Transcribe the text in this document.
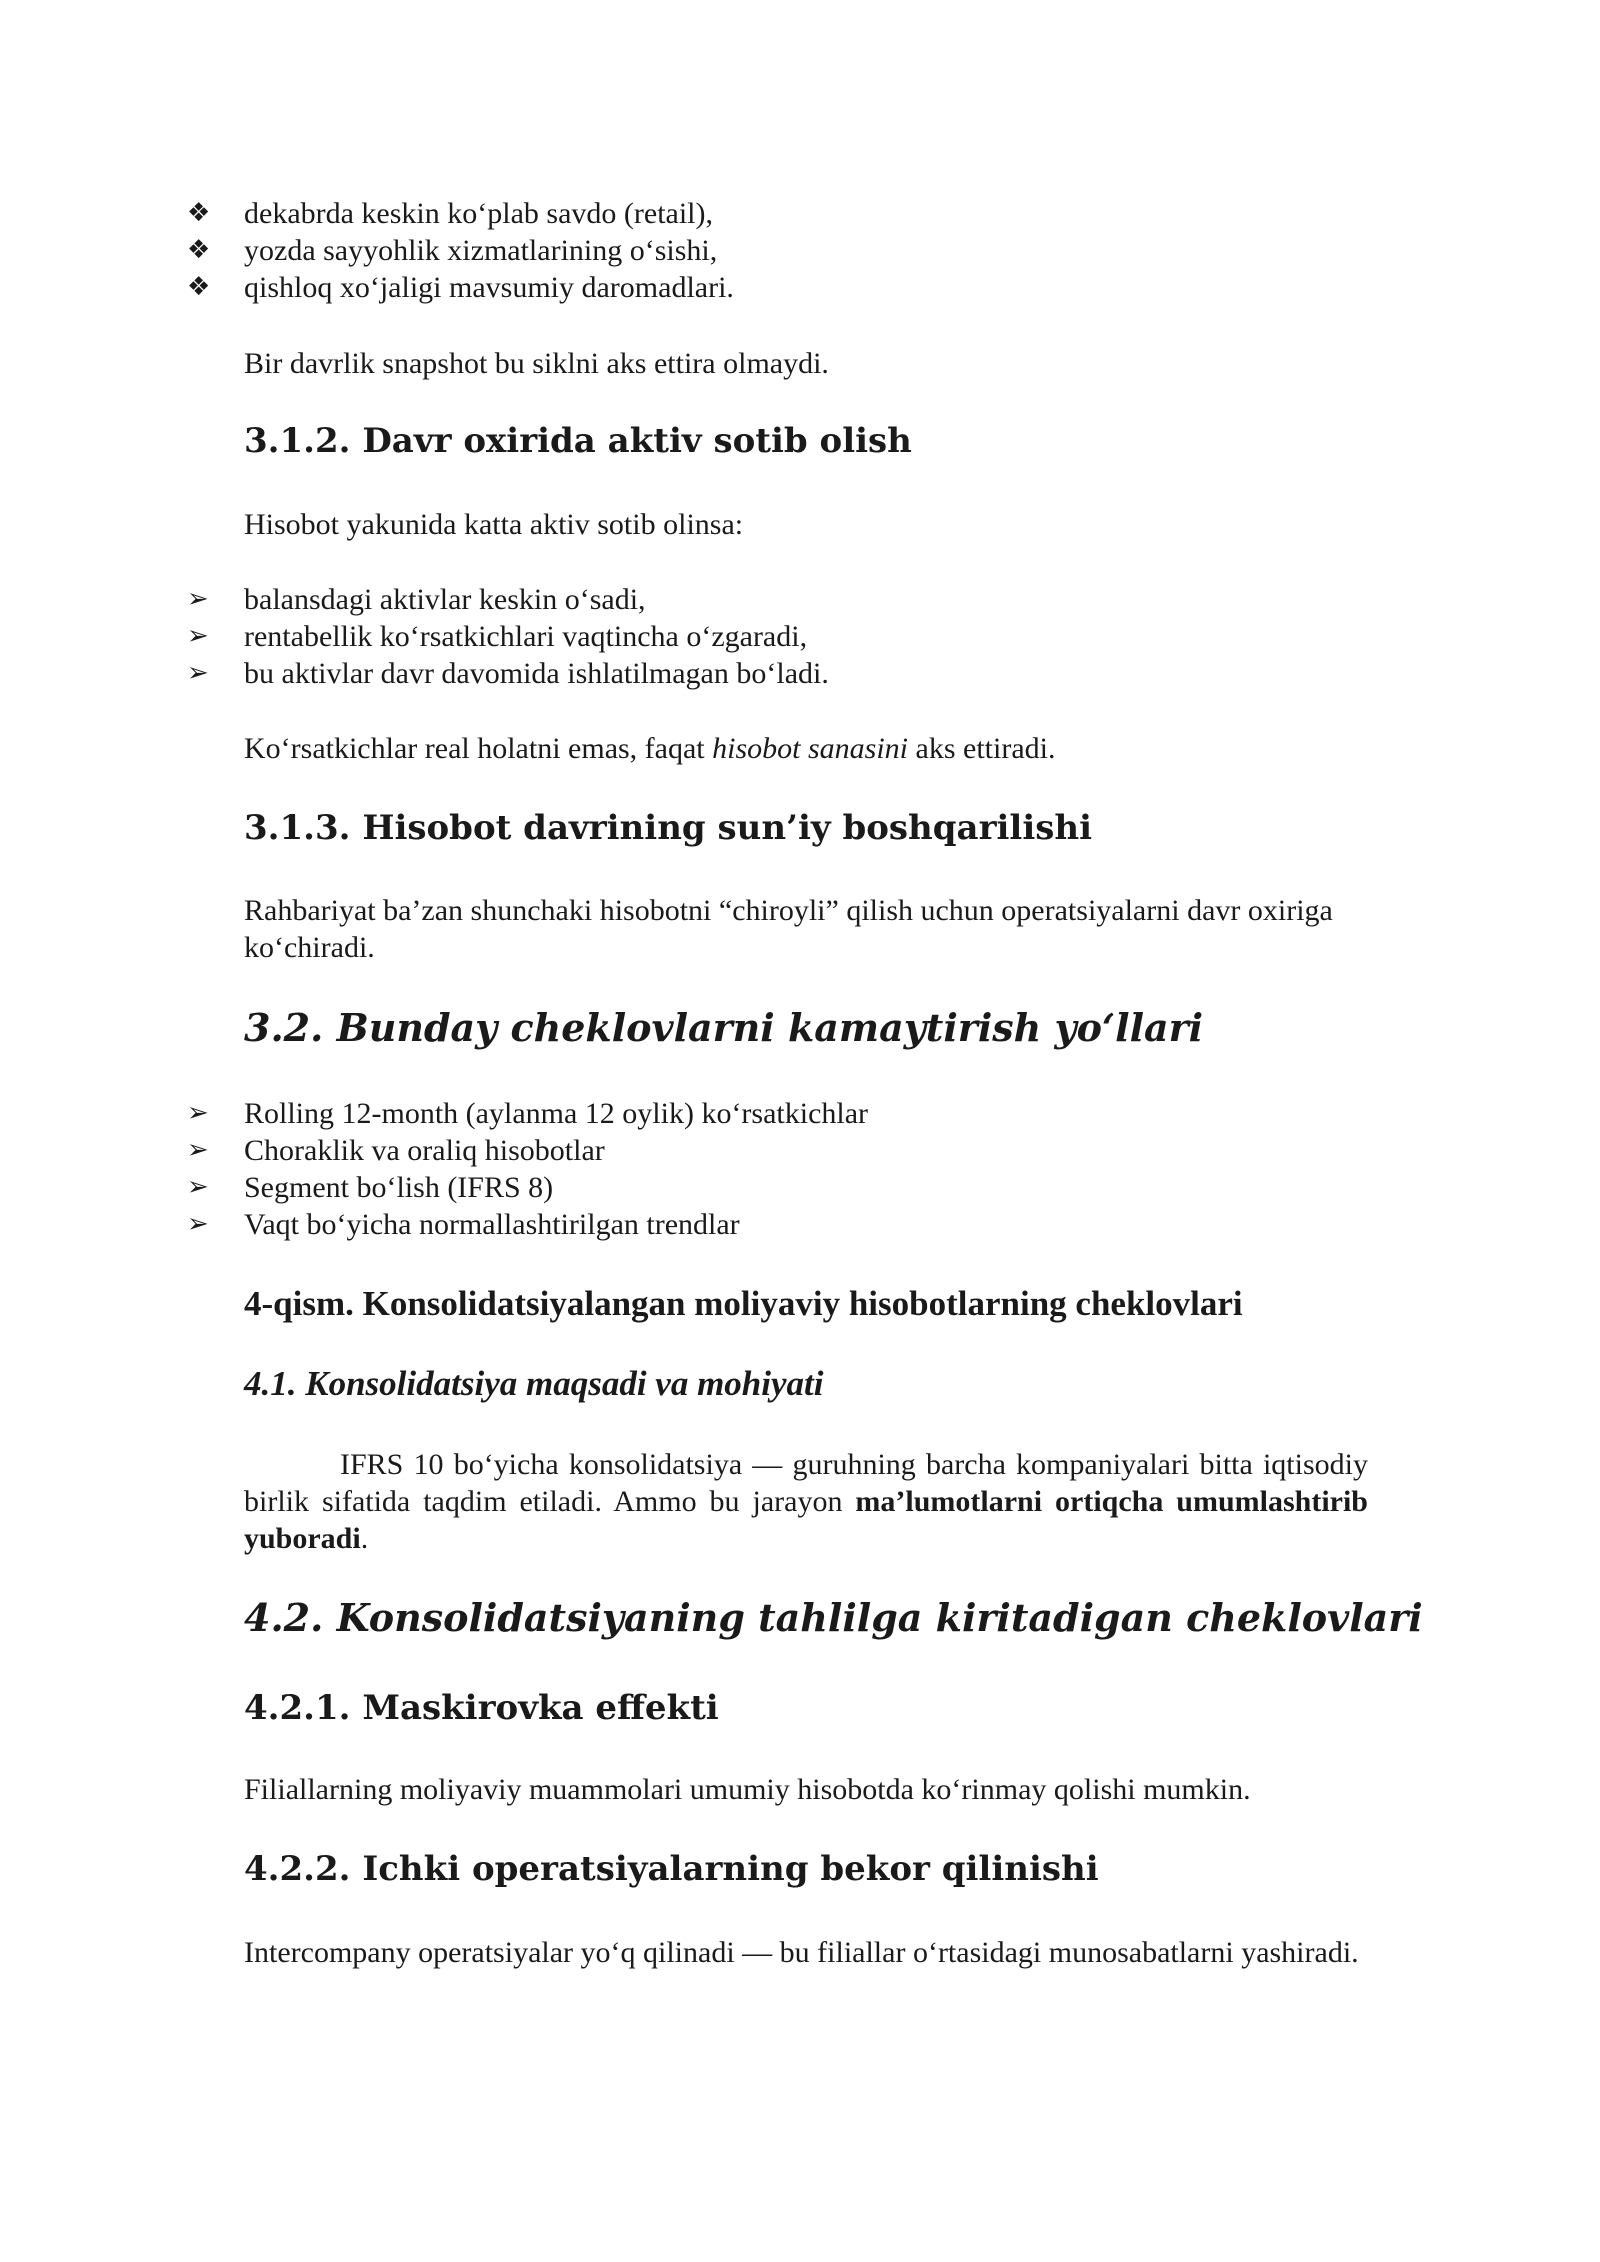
❖	dekabrda keskin ko‘plab savdo (retail),
❖	yozda sayyohlik xizmatlarining o‘sishi,
❖	qishloq xo‘jaligi mavsumiy daromadlari.

Bir davrlik snapshot bu siklni aks ettira olmaydi.

3.1.2. Davr oxirida aktiv sotib olish

Hisobot yakunida katta aktiv sotib olinsa:

➢	balansdagi aktivlar keskin o‘sadi,
➢	rentabellik ko‘rsatkichlari vaqtincha o‘zgaradi,
➢	bu aktivlar davr davomida ishlatilmagan bo‘ladi.

Ko‘rsatkichlar real holatni emas, faqat hisobot sanasini aks ettiradi.

3.1.3. Hisobot davrining sun’iy boshqarilishi

Rahbariyat ba’zan shunchaki hisobotni “chiroyli” qilish uchun operatsiyalarni davr oxiriga ko‘chiradi.

3.2. Bunday cheklovlarni kamaytirish yo‘llari
➢	Rolling 12-month (aylanma 12 oylik) ko‘rsatkichlar
➢	Choraklik va oraliq hisobotlar
➢	Segment bo‘lish (IFRS 8)
➢	Vaqt bo‘yicha normallashtirilgan trendlar
4-qism. Konsolidatsiyalangan moliyaviy hisobotlarning cheklovlari
4.1. Konsolidatsiya maqsadi va mohiyati

IFRS 10 bo‘yicha konsolidatsiya — guruhning barcha kompaniyalari bitta iqtisodiy birlik sifatida taqdim etiladi. Ammo bu jarayon ma’lumotlarni ortiqcha umumlashtirib yuboradi.

4.2. Konsolidatsiyaning tahlilga kiritadigan cheklovlari
4.2.1. Maskirovka effekti

Filiallarning moliyaviy muammolari umumiy hisobotda ko‘rinmay qolishi mumkin.

4.2.2. Ichki operatsiyalarning bekor qilinishi

Intercompany operatsiyalar yo‘q qilinadi — bu filiallar o‘rtasidagi munosabatlarni yashiradi.
